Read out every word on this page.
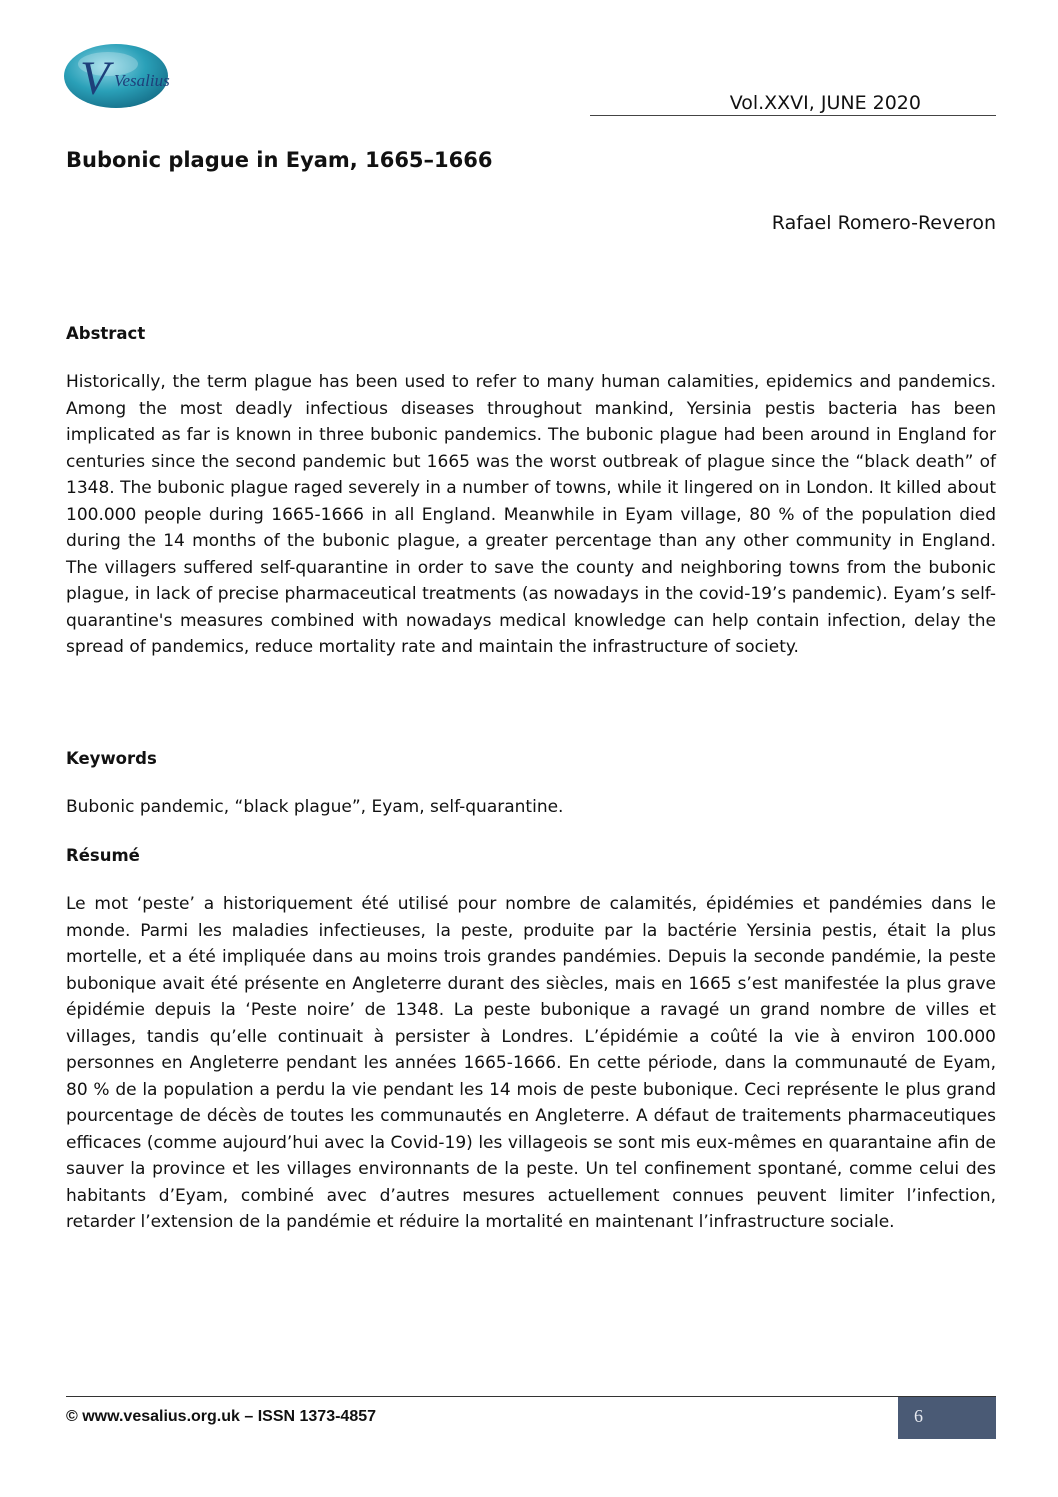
V Vesalius
Vol.XXVI, JUNE 2020
Bubonic plague in Eyam, 1665–1666
Rafael Romero-Reveron
Abstract

Historically, the term plague has been used to refer to many human calamities, epidemics and pandemics. Among the most deadly infectious diseases throughout mankind, Yersinia pestis bacteria has been implicated as far is known in three bubonic pandemics. The bubonic plague had been around in England for centuries since the second pandemic but 1665 was the worst outbreak of plague since the “black death” of 1348. The bubonic plague raged severely in a number of towns, while it lingered on in London. It killed about 100.000 people during 1665-1666 in all England. Meanwhile in Eyam village, 80 % of the population died during the 14 months of the bubonic plague, a greater percentage than any other community in England. The villagers suffered self-quarantine in order to save the county and neighboring towns from the bubonic plague, in lack of precise pharmaceutical treatments (as nowadays in the covid-19’s pandemic). Eyam’s self-quarantine's measures combined with nowadays medical knowledge can help contain infection, delay the spread of pandemics, reduce mortality rate and maintain the infrastructure of society.

Keywords

Bubonic pandemic, “black plague”, Eyam, self-quarantine.

Résumé

Le mot ‘peste’ a historiquement été utilisé pour nombre de calamités, épidémies et pandémies dans le monde. Parmi les maladies infectieuses, la peste, produite par la bactérie Yersinia pestis, était la plus mortelle, et a été impliquée dans au moins trois grandes pandémies. Depuis la seconde pandémie, la peste bubonique avait été présente en Angleterre durant des siècles, mais en 1665 s’est manifestée la plus grave épidémie depuis la ‘Peste noire’ de 1348. La peste bubonique a ravagé un grand nombre de villes et villages, tandis qu’elle continuait à persister à Londres. L’épidémie a coûté la vie à environ 100.000 personnes en Angleterre pendant les années 1665-1666. En cette période, dans la communauté de Eyam, 80 % de la population a perdu la vie pendant les 14 mois de peste bubonique. Ceci représente le plus grand pourcentage de décès de toutes les communautés en Angleterre. A défaut de traitements pharmaceutiques efficaces (comme aujourd’hui avec la Covid-19) les villageois se sont mis eux-mêmes en quarantaine afin de sauver la province et les villages environnants de la peste. Un tel confinement spontané, comme celui des habitants d’Eyam, combiné avec d’autres mesures actuellement connues peuvent limiter l’infection, retarder l’extension de la pandémie et réduire la mortalité en maintenant l’infrastructure sociale.

© www.vesalius.org.uk – ISSN 1373-4857	6
